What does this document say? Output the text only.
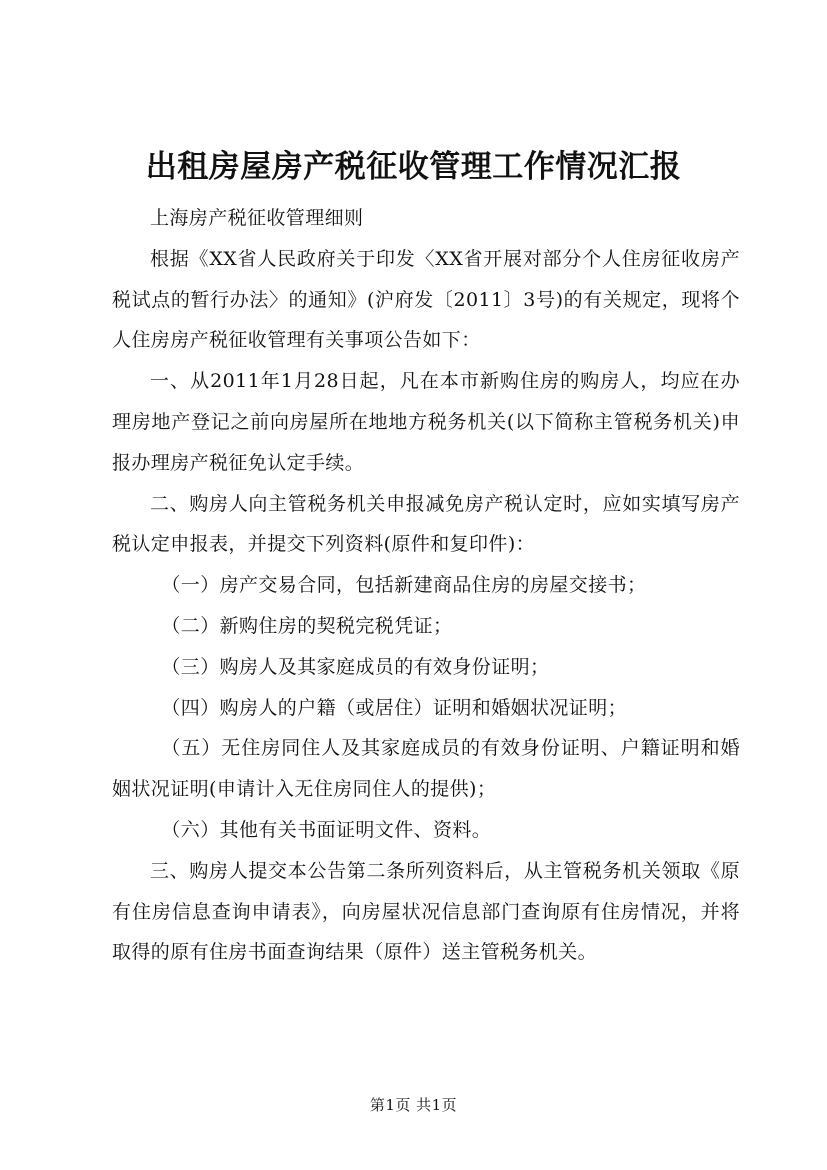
出租房屋房产税征收管理工作情况汇报

上海房产税征收管理细则

根据《XX省人民政府关于印发〈XX省开展对部分个人住房征收房产税试点的暂行办法〉的通知》(沪府发〔2011〕3号)的有关规定，现将个人住房房产税征收管理有关事项公告如下：

一、从2011年1月28日起，凡在本市新购住房的购房人，均应在办理房地产登记之前向房屋所在地地方税务机关(以下简称主管税务机关)申报办理房产税征免认定手续。

二、购房人向主管税务机关申报减免房产税认定时，应如实填写房产税认定申报表，并提交下列资料(原件和复印件)：

（一）房产交易合同，包括新建商品住房的房屋交接书；

（二）新购住房的契税完税凭证；

（三）购房人及其家庭成员的有效身份证明；

（四）购房人的户籍（或居住）证明和婚姻状况证明；

（五）无住房同住人及其家庭成员的有效身份证明、户籍证明和婚姻状况证明(申请计入无住房同住人的提供)；

（六）其他有关书面证明文件、资料。

三、购房人提交本公告第二条所列资料后，从主管税务机关领取《原有住房信息查询申请表》，向房屋状况信息部门查询原有住房情况，并将取得的原有住房书面查询结果（原件）送主管税务机关。

第1页 共1页
